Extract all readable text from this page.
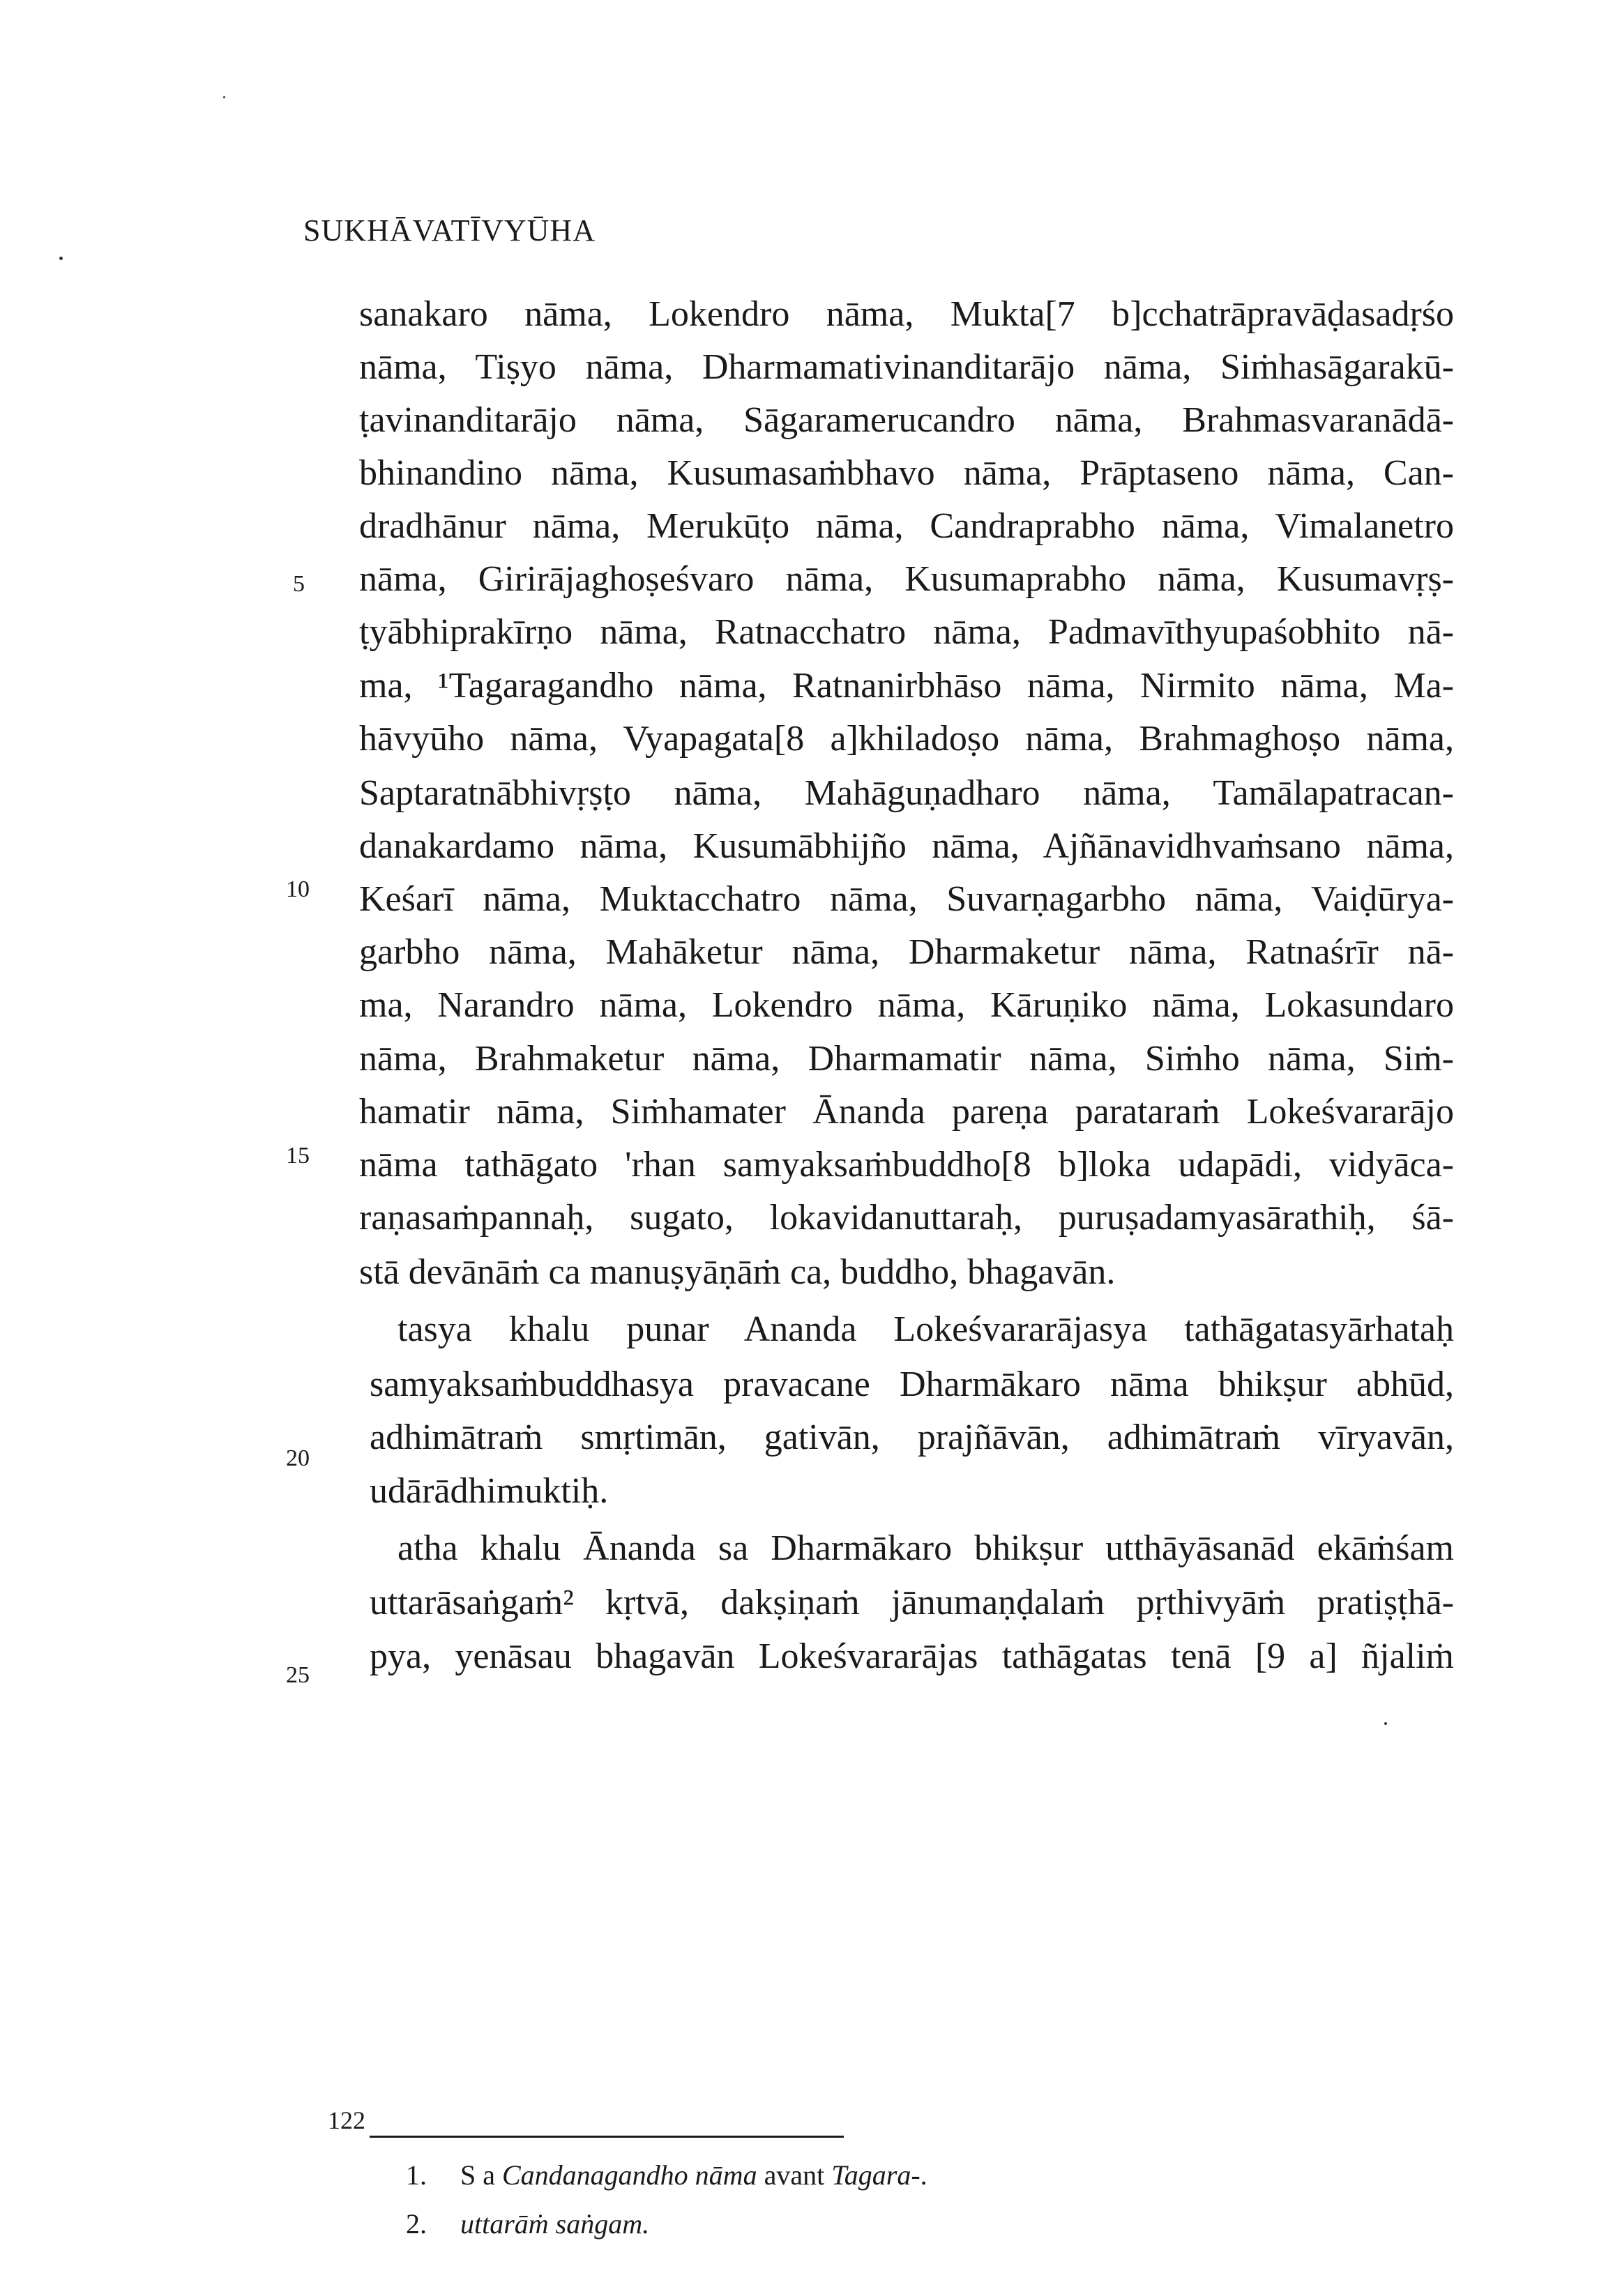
SUKHĀVATĪVYŪHA
sanakaro nāma, Lokendro nāma, Mukta[7 b]cchatrāpravāḍasadṛśo
nāma, Tiṣyo nāma, Dharmamativinanditarājo nāma, Siṁhasāgarakū-
ṭavinanditarājo nāma, Sāgaramerucandro nāma, Brahmasvaranādā-
bhinandino nāma, Kusumasaṁbhavo nāma, Prāptaseno nāma, Can-
dradhānur nāma, Merukūṭo nāma, Candraprabho nāma, Vimalanetro
nāma, Girirājaghoṣeśvaro nāma, Kusumaprabho nāma, Kusumavṛṣ-
ṭyābhiprakīrṇo nāma, Ratnacchatro nāma, Padmavīthyupaśobhito nā-
ma, ¹Tagaragandho nāma, Ratnanirbhāso nāma, Nirmito nāma, Ma-
hāvyūho nāma, Vyapagata[8 a]khiladoṣo nāma, Brahmaghoṣo nāma,
Saptaratnābhivṛṣṭo nāma, Mahāguṇadharo nāma, Tamālapatracan-
danakardamo nāma, Kusumābhijño nāma, Ajñānavidhvaṁsano nāma,
Keśarī nāma, Muktacchatro nāma, Suvarṇagarbho nāma, Vaiḍūrya-
garbho nāma, Mahāketur nāma, Dharmaketur nāma, Ratnaśrīr nā-
ma, Narandro nāma, Lokendro nāma, Kāruṇiko nāma, Lokasundaro
nāma, Brahmaketur nāma, Dharmamatir nāma, Siṁho nāma, Siṁ-
hamatir nāma, Siṁhamater Ānanda pareṇa parataraṁ Lokeśvararājo
nāma tathāgato 'rhan samyaksaṁbuddho[8 b]loka udapādi, vidyāca-
raṇasaṁpannaḥ, sugato, lokavidanuttaraḥ, puruṣadamyasārathiḥ, śā-
stā devānāṁ ca manuṣyāṇāṁ ca, buddho, bhagavān.
tasya khalu punar Ananda Lokeśvararājasya tathāgatasyārhataḥ
samyaksaṁbuddhasya pravacane Dharmākaro nāma bhikṣur abhūd,
adhimātraṁ smṛtimān, gativān, prajñāvān, adhimātraṁ vīryavān,
udārādhimuktiḥ.
atha khalu Ānanda sa Dharmākaro bhikṣur utthāyāsanād ekāṁśam
uttarāsaṅgaṁ² kṛtvā, dakṣiṇaṁ jānumaṇḍalaṁ pṛthivyāṁ pratiṣṭhā-
pya, yenāsau bhagavān Lokeśvararājas tathāgatas tenā [9 a] ñjaliṁ
5
10
15
20
25
1. S a Candanagandho nāma avant Tagara-.
2. uttarāṁ saṅgam.
122
